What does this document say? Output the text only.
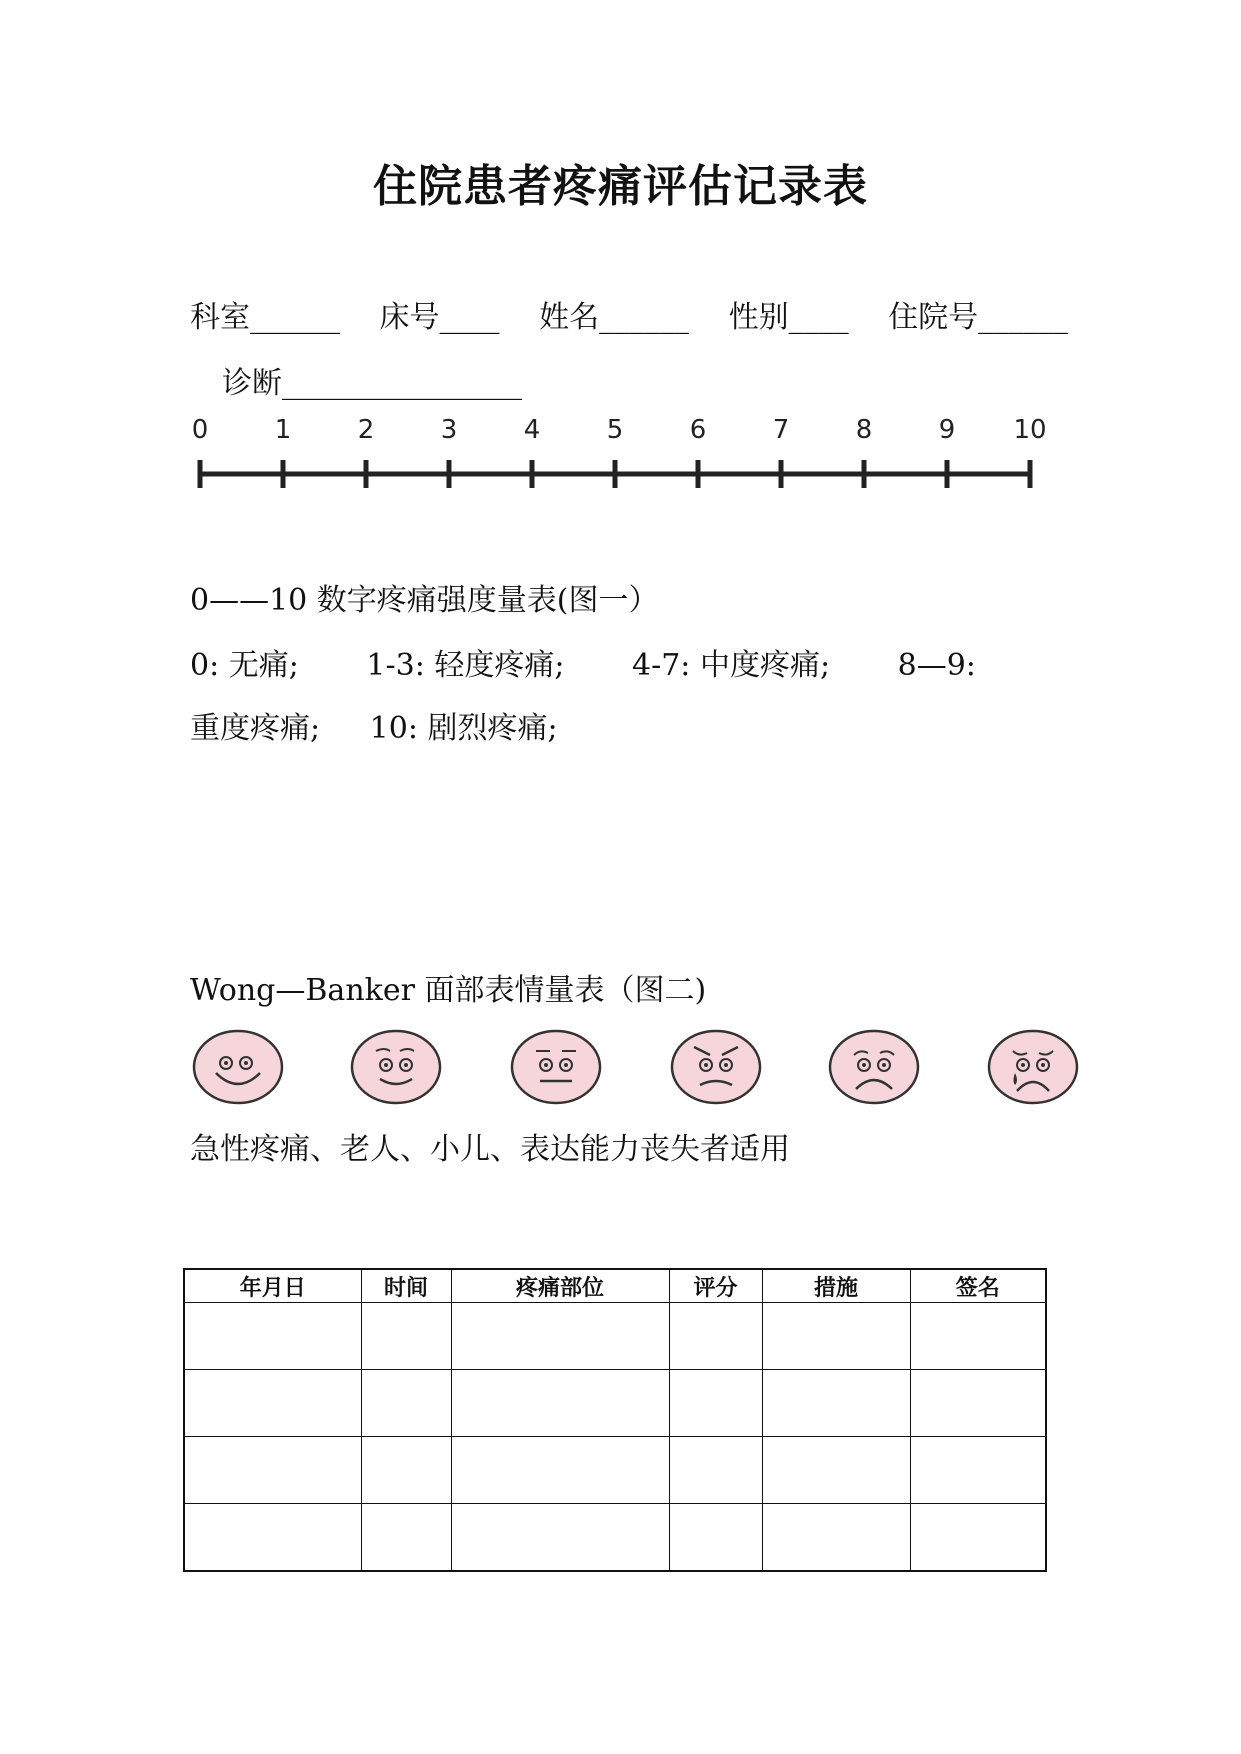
住院患者疼痛评估记录表
科室______ 床号____ 姓名______ 性别____ 住院号______
诊断________________
0	1	2	3	4	5	6	7	8	9 10
0——10 数字疼痛强度量表(图一）
0: 无痛; 1-3: 轻度疼痛; 4-7: 中度疼痛; 8—9:
重度疼痛; 10: 剧烈疼痛;
Wong—Banker 面部表情量表（图二)
急性疼痛、老人、小儿、表达能力丧失者适用
年月日	时间	疼痛部位	评分	措施	签名
